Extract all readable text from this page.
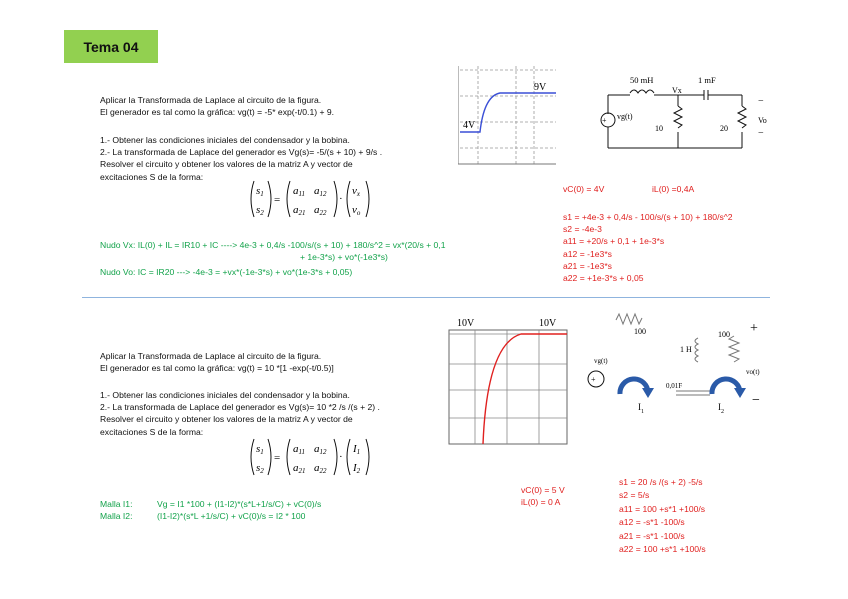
Tema 04
Aplicar la Transformada de Laplace al circuito de la figura.
El generador es tal como la gráfica: vg(t) = -5* exp(-t/0.1) + 9.
1.- Obtener las condiciones iniciales del condensador y la bobina.
2.- La transformada de Laplace del generador es Vg(s)= -5/(s + 10) + 9/s .
Resolver el circuito y obtener los valores de la matriz A y vector de
excitaciones S de la forma:
s1
s2
=
a11 a12
a21 a22
·
vx
vo
Nudo Vx: IL(0) + IL = IR10 + IC ----> 4e-3 + 0,4/s -100/s/(s + 10) + 180/s^2 = vx*(20/s + 0,1
+ 1e-3*s) + vo*(-1e3*s)
Nudo Vo: IC = IR20 ---> -4e-3 = +vx*(-1e-3*s) + vo*(1e-3*s + 0,05)
vC(0) = 4V	iL(0) =0,4A
s1 = +4e-3 + 0,4/s - 100/s/(s + 10) + 180/s^2
s2 = -4e-3
a11 = +20/s + 0,1 + 1e-3*s
a12 = -1e3*s
a21 = -1e3*s
a22 = +1e-3*s + 0,05
4V
9V
50 mH	1 mF
Vx
+ vg(t)
10	20
−
Vo
−
Aplicar la Transformada de Laplace al circuito de la figura.
El generador es tal como la gráfica: vg(t) = 10 *[1 -exp(-t/0.5)]
1.- Obtener las condiciones iniciales del condensador y la bobina.
2.- La transformada de Laplace del generador es Vg(s)= 10 *2 /s /(s + 2) .
Resolver el circuito y obtener los valores de la matriz A y vector de
excitaciones S de la forma:
s1
s2
=
a11 a12
a21 a22
·
I1
I2
Malla I1:	Vg = I1 *100 + (I1-I2)*(s*L+1/s/C) + vC(0)/s
Malla I2:	(I1-I2)*(s*L +1/s/C) + vC(0)/s = I2 * 100
vC(0) = 5 V
iL(0) = 0 A
s1 = 20 /s /(s + 2) -5/s
s2 = 5/s
a11 = 100 +s*1 +100/s
a12 = -s*1 -100/s
a21 = -s*1 -100/s
a22 = 100 +s*1 +100/s
10V	10V
100
1 H
100 +
vo(t)
+
vg(t)
$I_1$
0,01F
$I_2$
−
